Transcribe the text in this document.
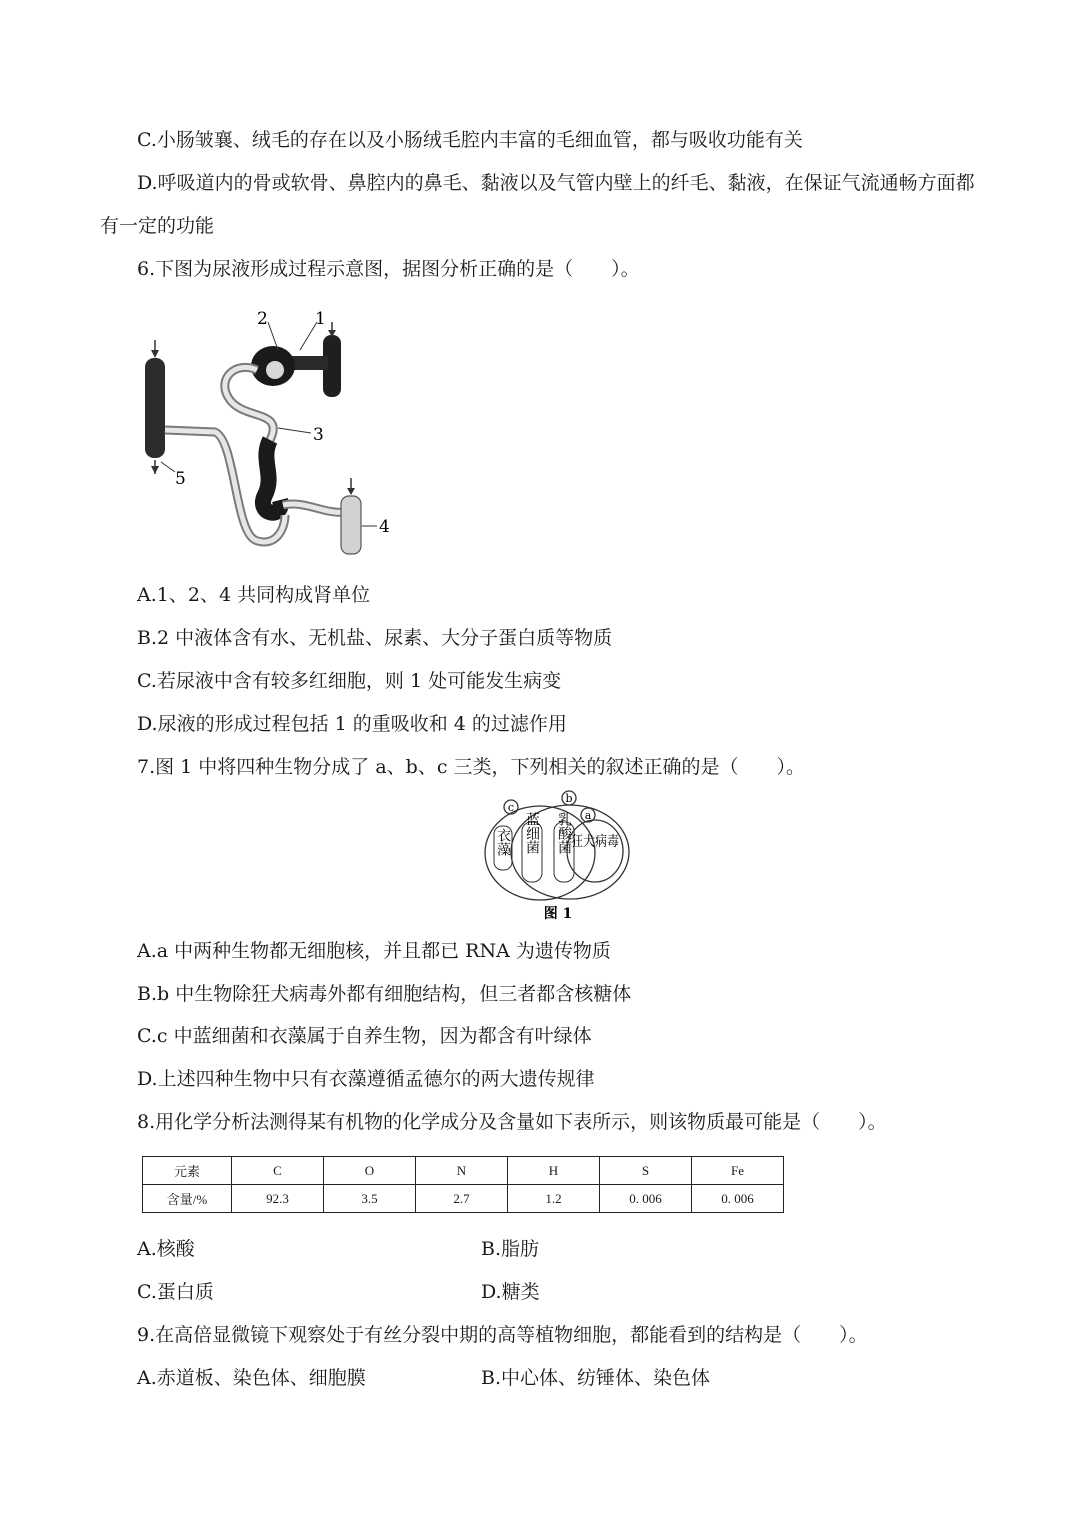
C.小肠皱襄、绒毛的存在以及小肠绒毛腔内丰富的毛细血管，都与吸收功能有关
D.呼吸道内的骨或软骨、鼻腔内的鼻毛、黏液以及气管内壁上的纤毛、黏液，在保证气流通畅方面都
有一定的功能
6.下图为尿液形成过程示意图，据图分析正确的是（　　）。
1
2
3
4
5
A.1、2、4 共同构成肾单位
B.2 中液体含有水、无机盐、尿素、大分子蛋白质等物质
C.若尿液中含有较多红细胞，则 1 处可能发生病变
D.尿液的形成过程包括 1 的重吸收和 4 的过滤作用
7.图 1 中将四种生物分成了 a、b、c 三类，下列相关的叙述正确的是（　　）。
c
b
a
衣藻 蓝细菌 乳酸菌 狂犬病毒
图 1
A.a 中两种生物都无细胞核，并且都已 RNA 为遗传物质
B.b 中生物除狂犬病毒外都有细胞结构，但三者都含核糖体
C.c 中蓝细菌和衣藻属于自养生物，因为都含有叶绿体
D.上述四种生物中只有衣藻遵循孟德尔的两大遗传规律
8.用化学分析法测得某有机物的化学成分及含量如下表所示，则该物质最可能是（　　）。
元素	C	O	N	H	S	Fe
含量/%	92.3	3.5	2.7	1.2	0. 006	0. 006
A.核酸	B.脂肪
C.蛋白质	D.糖类
9.在高倍显微镜下观察处于有丝分裂中期的高等植物细胞，都能看到的结构是（　　）。
A.赤道板、染色体、细胞膜	B.中心体、纺锤体、染色体
